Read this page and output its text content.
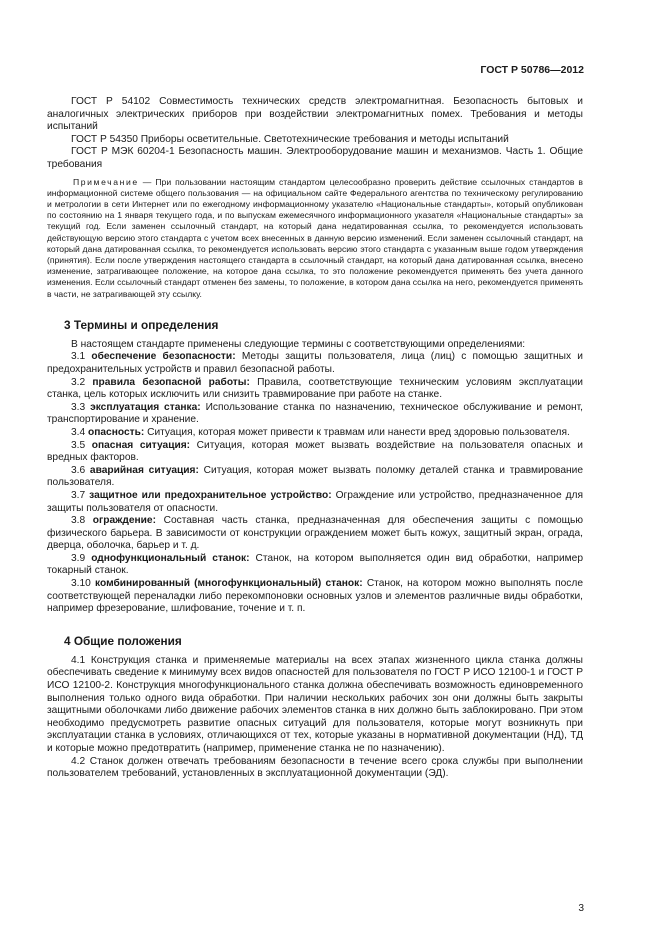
ГОСТ Р 50786—2012

ГОСТ Р 54102 Совместимость технических средств электромагнитная. Безопасность бытовых и аналогичных электрических приборов при воздействии электромагнитных помех. Требования и методы испытаний

ГОСТ Р 54350 Приборы осветительные. Светотехнические требования и методы испытаний

ГОСТ Р МЭК 60204-1 Безопасность машин. Электрооборудование машин и механизмов. Часть 1. Общие требования

Примечание — При пользовании настоящим стандартом целесообразно проверить действие ссылочных стандартов в информационной системе общего пользования — на официальном сайте Федерального агентства по техническому регулированию и метрологии в сети Интернет или по ежегодному информационному указателю «Национальные стандарты», который опубликован по состоянию на 1 января текущего года, и по выпускам ежемесячного информационного указателя «Национальные стандарты» за текущий год. Если заменен ссылочный стандарт, на который дана недатированная ссылка, то рекомендуется использовать действующую версию этого стандарта с учетом всех внесенных в данную версию изменений. Если заменен ссылочный стандарт, на который дана датированная ссылка, то рекомендуется использовать версию этого стандарта с указанным выше годом утверждения (принятия). Если после утверждения настоящего стандарта в ссылочный стандарт, на который дана датированная ссылка, внесено изменение, затрагивающее положение, на которое дана ссылка, то это положение рекомендуется применять без учета данного изменения. Если ссылочный стандарт отменен без замены, то положение, в котором дана ссылка на него, рекомендуется применять в части, не затрагивающей эту ссылку.

3 Термины и определения

В настоящем стандарте применены следующие термины с соответствующими определениями:

3.1 обеспечение безопасности: Методы защиты пользователя, лица (лиц) с помощью защитных и предохранительных устройств и правил безопасной работы.

3.2 правила безопасной работы: Правила, соответствующие техническим условиям эксплуатации станка, цель которых исключить или снизить травмирование при работе на станке.

3.3 эксплуатация станка: Использование станка по назначению, техническое обслуживание и ремонт, транспортирование и хранение.

3.4 опасность: Ситуация, которая может привести к травмам или нанести вред здоровью пользователя.

3.5 опасная ситуация: Ситуация, которая может вызвать воздействие на пользователя опасных и вредных факторов.

3.6 аварийная ситуация: Ситуация, которая может вызвать поломку деталей станка и травмирование пользователя.

3.7 защитное или предохранительное устройство: Ограждение или устройство, предназначенное для защиты пользователя от опасности.

3.8 ограждение: Составная часть станка, предназначенная для обеспечения защиты с помощью физического барьера. В зависимости от конструкции ограждением может быть кожух, защитный экран, ограда, дверца, оболочка, барьер и т. д.

3.9 однофункциональный станок: Станок, на котором выполняется один вид обработки, например токарный станок.

3.10 комбинированный (многофункциональный) станок: Станок, на котором можно выполнять после соответствующей переналадки либо перекомпоновки основных узлов и элементов различные виды обработки, например фрезерование, шлифование, точение и т. п.

4 Общие положения

4.1 Конструкция станка и применяемые материалы на всех этапах жизненного цикла станка должны обеспечивать сведение к минимуму всех видов опасностей для пользователя по ГОСТ Р ИСО 12100-1 и ГОСТ Р ИСО 12100-2. Конструкция многофункционального станка должна обеспечивать возможность единовременного выполнения только одного вида обработки. При наличии нескольких рабочих зон они должны быть закрыты защитными оболочками либо движение рабочих элементов станка в них должно быть заблокировано. При этом необходимо предусмотреть развитие опасных ситуаций для пользователя, которые могут возникнуть при эксплуатации станка в условиях, отличающихся от тех, которые указаны в нормативной документации (НД), ТД и которые можно предотвратить (например, применение станка не по назначению).

4.2 Станок должен отвечать требованиям безопасности в течение всего срока службы при выполнении пользователем требований, установленных в эксплуатационной документации (ЭД).

3
